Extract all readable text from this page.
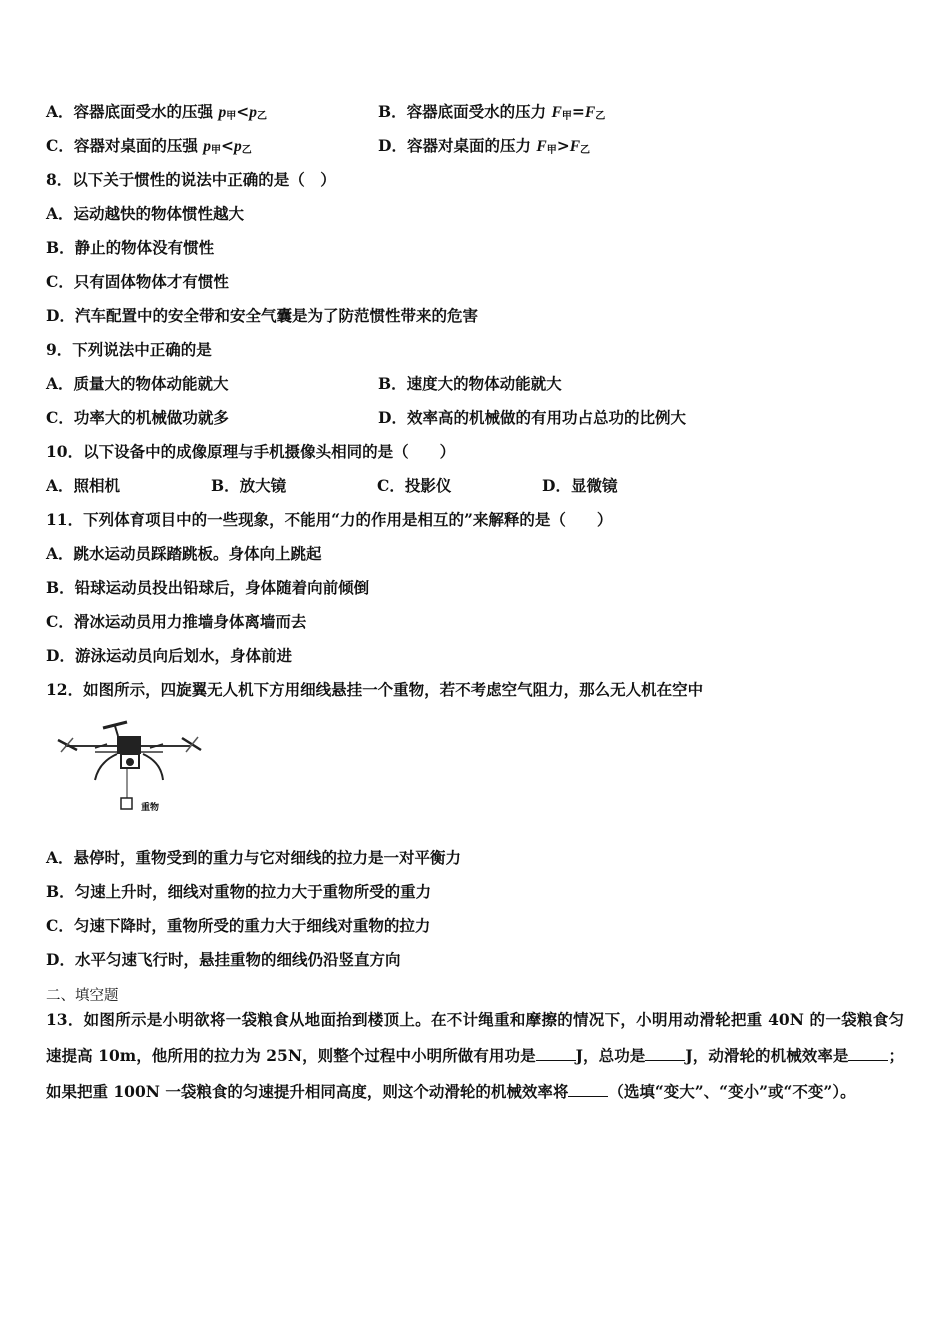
A．容器底面受水的压强 $p_甲<p_乙$	B．容器底面受水的压力 $F_甲=F_乙$
C．容器对桌面的压强 $p_甲<p_乙$	D．容器对桌面的压力 $F_甲>F_乙$
8．以下关于惯性的说法中正确的是（　）
A．运动越快的物体惯性越大
B．静止的物体没有惯性
C．只有固体物体才有惯性
D．汽车配置中的安全带和安全气囊是为了防范惯性带来的危害
9．下列说法中正确的是
A．质量大的物体动能就大	B．速度大的物体动能就大
C．功率大的机械做功就多	D．效率高的机械做的有用功占总功的比例大
10．以下设备中的成像原理与手机摄像头相同的是（　　）
A．照相机	B．放大镜	C．投影仪	D．显微镜
11．下列体育项目中的一些现象，不能用“力的作用是相互的”来解释的是（　　）
A．跳水运动员踩踏跳板。身体向上跳起
B．铅球运动员投出铅球后，身体随着向前倾倒
C．滑冰运动员用力推墙身体离墙而去
D．游泳运动员向后划水，身体前进
12．如图所示，四旋翼无人机下方用细线悬挂一个重物，若不考虑空气阻力，那么无人机在空中
重物
A．悬停时，重物受到的重力与它对细线的拉力是一对平衡力
B．匀速上升时，细线对重物的拉力大于重物所受的重力
C．匀速下降时，重物所受的重力大于细线对重物的拉力
D．水平匀速飞行时，悬挂重物的细线仍沿竖直方向
二、填空题
13．如图所示是小明欲将一袋粮食从地面抬到楼顶上。在不计绳重和摩擦的情况下，小明用动滑轮把重 40N 的一袋粮食匀速提高 10m，他所用的拉力为 25N，则整个过程中小明所做有用功是	J，总功是	J，动滑轮的机械效率是	；如果把重 100N 一袋粮食的匀速提升相同高度，则这个动滑轮的机械效率将	（选填“变大”、“变小”或“不变”）。
